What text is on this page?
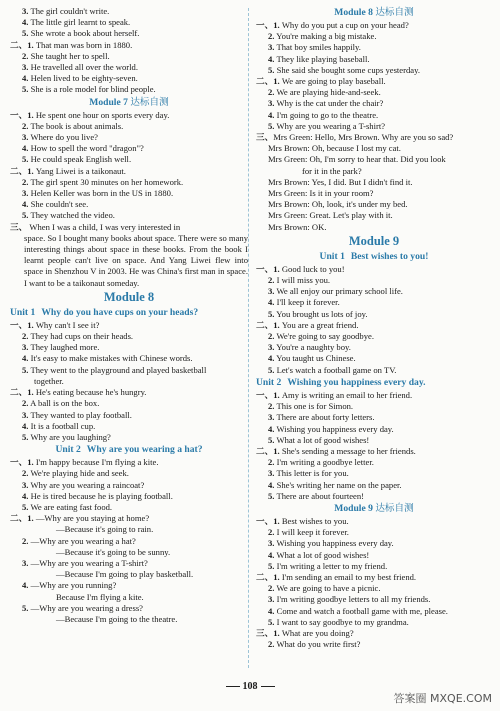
3. The girl couldn't write.
4. The little girl learnt to speak.
5. She wrote a book about herself.
二、1. That man was born in 1880.
2. She taught her to spell.
3. He travelled all over the world.
4. Helen lived to be eighty-seven.
5. She is a role model for blind people.
Module 7 达标自测
一、1. He spent one hour on sports every day.
2. The book is about animals.
3. Where do you live?
4. How to spell the word "dragon"?
5. He could speak English well.
二、1. Yang Liwei is a taikonaut.
2. The girl spent 30 minutes on her homework.
3. Helen Keller was born in the US in 1880.
4. She couldn't see.
5. They watched the video.
三、 When I was a child, I was very interested in
space. So I bought many books about space. There were so many interesting things about space in these books. From the book I learnt people can't live on space. And Yang Liwei flew into space in Shenzhou V in 2003. He was China's first man in space. I want to be a taikonaut someday.
Module 8
Unit 1 Why do you have cups on your heads?
一、1. Why can't I see it?
2. They had cups on their heads.
3. They laughed more.
4. It's easy to make mistakes with Chinese words.
5. They went to the playground and played basketball
together.
二、1. He's eating because he's hungry.
2. A ball is on the box.
3. They wanted to play football.
4. It is a football cup.
5. Why are you laughing?
Unit 2 Why are you wearing a hat?
一、1. I'm happy because I'm flying a kite.
2. We're playing hide and seek.
3. Why are you wearing a raincoat?
4. He is tired because he is playing football.
5. We are eating fast food.
二、1. —Why are you staying at home?
—Because it's going to rain.
2. —Why are you wearing a hat?
—Because it's going to be sunny.
3. —Why are you wearing a T-shirt?
—Because I'm going to play basketball.
4. —Why are you running?
Because I'm flying a kite.
5. —Why are you wearing a dress?
—Because I'm going to the theatre.
Module 8 达标自测
一、1. Why do you put a cup on your head?
2. You're making a big mistake.
3. That boy smiles happily.
4. They like playing baseball.
5. She said she bought some cups yesterday.
二、1. We are going to play baseball.
2. We are playing hide-and-seek.
3. Why is the cat under the chair?
4. I'm going to go to the theatre.
5. Why are you wearing a T-shirt?
三、Mrs Green: Hello, Mrs Brown. Why are you so sad?
Mrs Brown: Oh, because I lost my cat.
Mrs Green: Oh, I'm sorry to hear that. Did you look
for it in the park?
Mrs Brown: Yes, I did. But I didn't find it.
Mrs Green: Is it in your room?
Mrs Brown: Oh, look, it's under my bed.
Mrs Green: Great. Let's play with it.
Mrs Brown: OK.
Module 9
Unit 1 Best wishes to you!
一、1. Good luck to you!
2. I will miss you.
3. We all enjoy our primary school life.
4. I'll keep it forever.
5. You brought us lots of joy.
二、1. You are a great friend.
2. We're going to say goodbye.
3. You're a naughty boy.
4. You taught us Chinese.
5. Let's watch a football game on TV.
Unit 2 Wishing you happiness every day.
一、1. Amy is writing an email to her friend.
2. This one is for Simon.
3. There are about forty letters.
4. Wishing you happiness every day.
5. What a lot of good wishes!
二、1. She's sending a message to her friends.
2. I'm writing a goodbye letter.
3. This letter is for you.
4. She's writing her name on the paper.
5. There are about fourteen!
Module 9 达标自测
一、1. Best wishes to you.
2. I will keep it forever.
3. Wishing you happiness every day.
4. What a lot of good wishes!
5. I'm writing a letter to my friend.
二、1. I'm sending an email to my best friend.
2. We are going to have a picnic.
3. I'm writing goodbye letters to all my friends.
4. Come and watch a football game with me, please.
5. I want to say goodbye to my grandma.
三、1. What are you doing?
2. What do you write first?
108
答案圈 MXQE.COM
